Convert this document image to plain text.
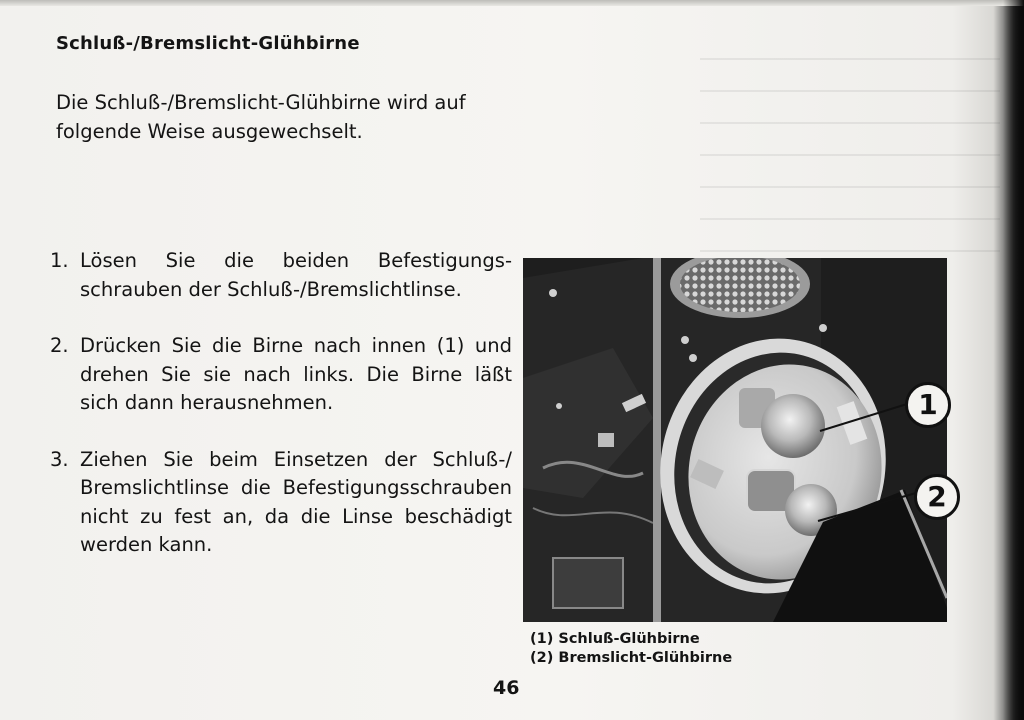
Schluß-/Bremslicht-Glühbirne
Die Schluß-/Bremslicht-Glühbirne wird auf folgende Weise ausgewechselt.
1. Lösen Sie die beiden Befestigungs-schrauben der Schluß-/Bremslichtlinse.
2. Drücken Sie die Birne nach innen (1) und drehen Sie sie nach links. Die Birne läßt sich dann herausnehmen.
3. Ziehen Sie beim Einsetzen der Schluß-/ Bremslichtlinse die Befestigungsschrauben nicht zu fest an, da die Linse beschädigt werden kann.
1
2
(1) Schluß-Glühbirne
(2) Bremslicht-Glühbirne
46
